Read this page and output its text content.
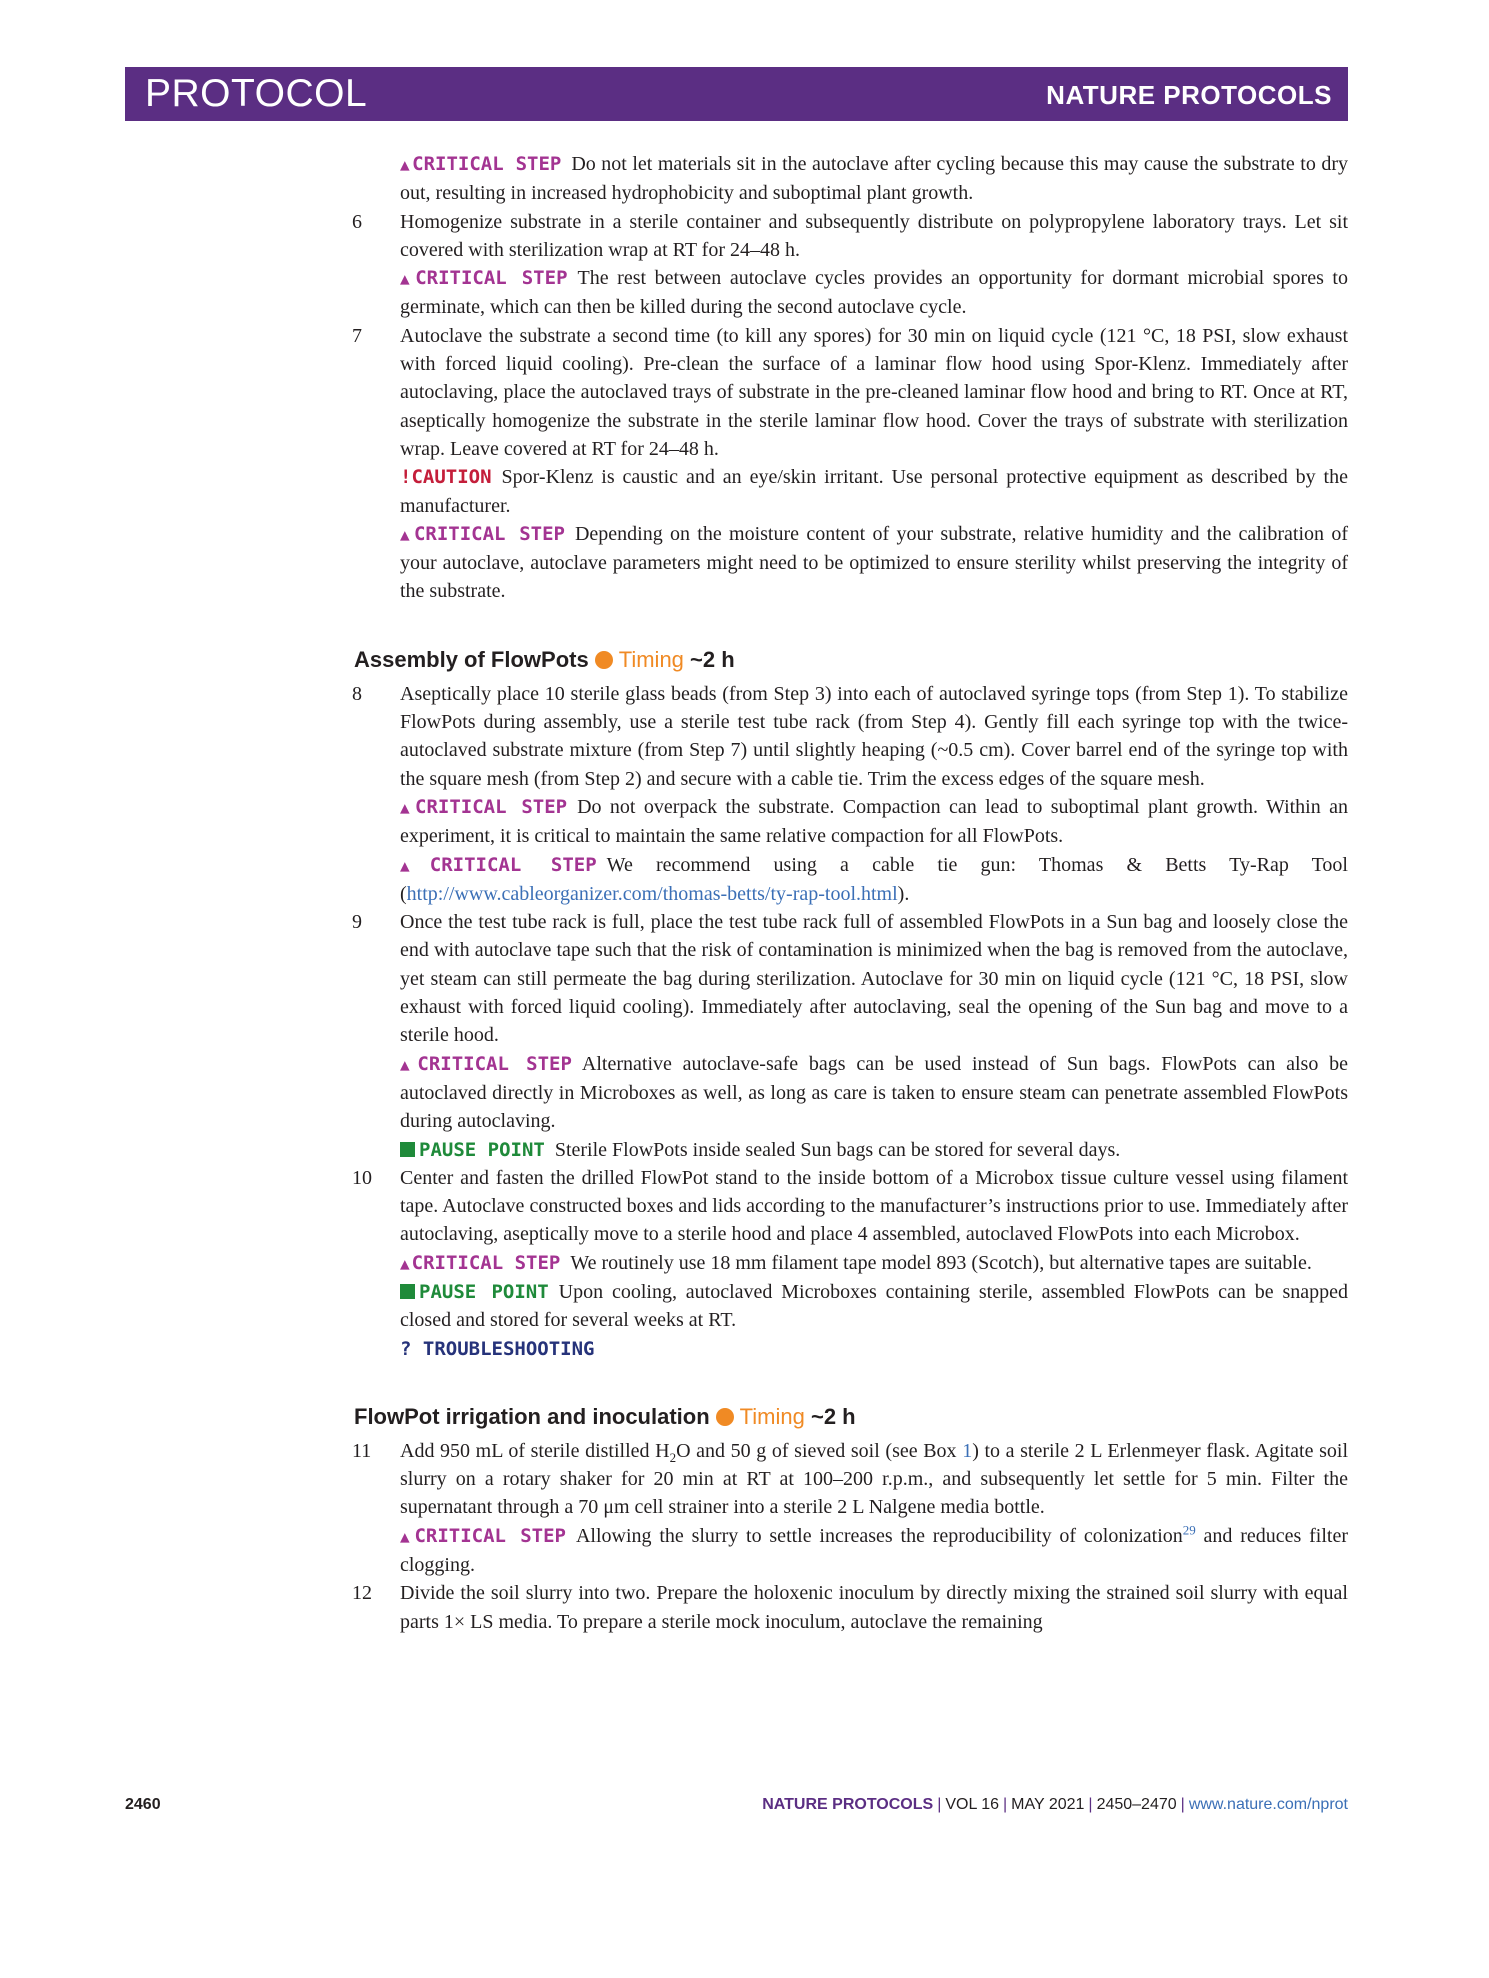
PROTOCOL	NATURE PROTOCOLS

▲ CRITICAL STEP Do not let materials sit in the autoclave after cycling because this may cause the substrate to dry out, resulting in increased hydrophobicity and suboptimal plant growth.

6	Homogenize substrate in a sterile container and subsequently distribute on polypropylene laboratory trays. Let sit covered with sterilization wrap at RT for 24–48 h.

▲ CRITICAL STEP The rest between autoclave cycles provides an opportunity for dormant microbial spores to germinate, which can then be killed during the second autoclave cycle.

7	Autoclave the substrate a second time (to kill any spores) for 30 min on liquid cycle (121 °C, 18 PSI, slow exhaust with forced liquid cooling). Pre-clean the surface of a laminar flow hood using Spor-Klenz. Immediately after autoclaving, place the autoclaved trays of substrate in the pre-cleaned laminar flow hood and bring to RT. Once at RT, aseptically homogenize the substrate in the sterile laminar flow hood. Cover the trays of substrate with sterilization wrap. Leave covered at RT for 24–48 h.

!CAUTION Spor-Klenz is caustic and an eye/skin irritant. Use personal protective equipment as described by the manufacturer.

▲ CRITICAL STEP Depending on the moisture content of your substrate, relative humidity and the calibration of your autoclave, autoclave parameters might need to be optimized to ensure sterility whilst preserving the integrity of the substrate.

Assembly of FlowPots Timing ~2 h
8	Aseptically place 10 sterile glass beads (from Step 3) into each of autoclaved syringe tops (from Step 1). To stabilize FlowPots during assembly, use a sterile test tube rack (from Step 4). Gently fill each syringe top with the twice-autoclaved substrate mixture (from Step 7) until slightly heaping (~0.5 cm). Cover barrel end of the syringe top with the square mesh (from Step 2) and secure with a cable tie. Trim the excess edges of the square mesh.

▲ CRITICAL STEP Do not overpack the substrate. Compaction can lead to suboptimal plant growth. Within an experiment, it is critical to maintain the same relative compaction for all FlowPots.

▲ CRITICAL STEP We recommend using a cable tie gun: Thomas & Betts Ty-Rap Tool (http://www.cableorganizer.com/thomas-betts/ty-rap-tool.html).

9	Once the test tube rack is full, place the test tube rack full of assembled FlowPots in a Sun bag and loosely close the end with autoclave tape such that the risk of contamination is minimized when the bag is removed from the autoclave, yet steam can still permeate the bag during sterilization. Autoclave for 30 min on liquid cycle (121 °C, 18 PSI, slow exhaust with forced liquid cooling). Immediately after autoclaving, seal the opening of the Sun bag and move to a sterile hood.

▲ CRITICAL STEP Alternative autoclave-safe bags can be used instead of Sun bags. FlowPots can also be autoclaved directly in Microboxes as well, as long as care is taken to ensure steam can penetrate assembled FlowPots during autoclaving.

PAUSE POINT Sterile FlowPots inside sealed Sun bags can be stored for several days.

10	Center and fasten the drilled FlowPot stand to the inside bottom of a Microbox tissue culture vessel using filament tape. Autoclave constructed boxes and lids according to the manufacturer’s instructions prior to use. Immediately after autoclaving, aseptically move to a sterile hood and place 4 assembled, autoclaved FlowPots into each Microbox.

▲ CRITICAL STEP We routinely use 18 mm filament tape model 893 (Scotch), but alternative tapes are suitable.

PAUSE POINT Upon cooling, autoclaved Microboxes containing sterile, assembled FlowPots can be snapped closed and stored for several weeks at RT.

? TROUBLESHOOTING

FlowPot irrigation and inoculation Timing ~2 h
11	Add 950 mL of sterile distilled $H_2O$ and 50 g of sieved soil (see Box 1) to a sterile 2 L Erlenmeyer flask. Agitate soil slurry on a rotary shaker for 20 min at RT at 100–200 r.p.m., and subsequently let settle for 5 min. Filter the supernatant through a 70 μm cell strainer into a sterile 2 L Nalgene media bottle.

▲ CRITICAL STEP Allowing the slurry to settle increases the reproducibility of colonization$^{29}$ and reduces filter clogging.

12	Divide the soil slurry into two. Prepare the holoxenic inoculum by directly mixing the strained soil slurry with equal parts 1× LS media. To prepare a sterile mock inoculum, autoclave the remaining

2460	NATURE PROTOCOLS | VOL 16 | MAY 2021 | 2450–2470 | www.nature.com/nprot
